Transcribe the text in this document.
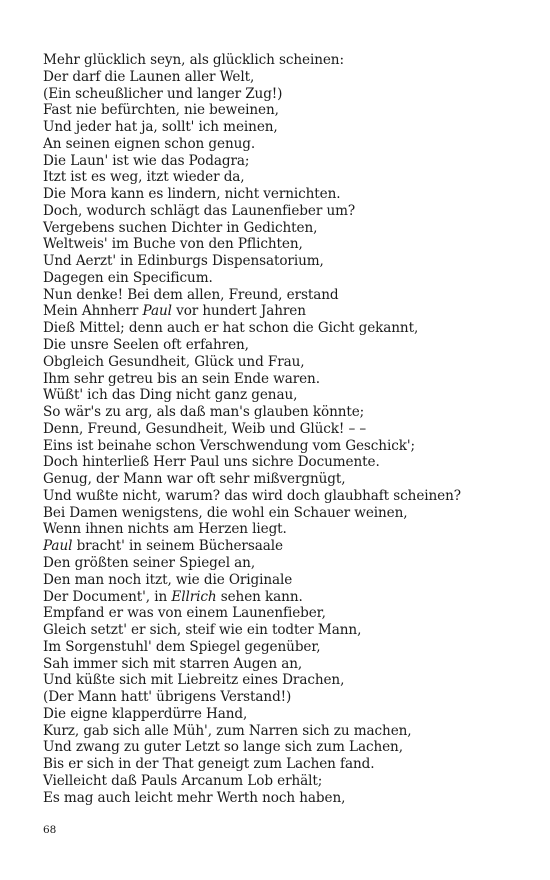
Mehr glücklich seyn, als glücklich scheinen:
Der darf die Launen aller Welt,
(Ein scheußlicher und langer Zug!)
Fast nie befürchten, nie beweinen,
Und jeder hat ja, sollt' ich meinen,
An seinen eignen schon genug.
Die Laun' ist wie das Podagra;
Itzt ist es weg, itzt wieder da,
Die Mora kann es lindern, nicht vernichten.
Doch, wodurch schlägt das Launenfieber um?
Vergebens suchen Dichter in Gedichten,
Weltweis' im Buche von den Pflichten,
Und Aerzt' in Edinburgs Dispensatorium,
Dagegen ein Specificum.
Nun denke! Bei dem allen, Freund, erstand
Mein Ahnherr Paul vor hundert Jahren
Dieß Mittel; denn auch er hat schon die Gicht gekannt,
Die unsre Seelen oft erfahren,
Obgleich Gesundheit, Glück und Frau,
Ihm sehr getreu bis an sein Ende waren.
Wüßt' ich das Ding nicht ganz genau,
So wär's zu arg, als daß man's glauben könnte;
Denn, Freund, Gesundheit, Weib und Glück! – –
Eins ist beinahe schon Verschwendung vom Geschick';
Doch hinterließ Herr Paul uns sichre Documente.
Genug, der Mann war oft sehr mißvergnügt,
Und wußte nicht, warum? das wird doch glaubhaft scheinen?
Bei Damen wenigstens, die wohl ein Schauer weinen,
Wenn ihnen nichts am Herzen liegt.
Paul bracht' in seinem Büchersaale
Den größten seiner Spiegel an,
Den man noch itzt, wie die Originale
Der Document', in Ellrich sehen kann.
Empfand er was von einem Launenfieber,
Gleich setzt' er sich, steif wie ein todter Mann,
Im Sorgenstuhl' dem Spiegel gegenüber,
Sah immer sich mit starren Augen an,
Und küßte sich mit Liebreitz eines Drachen,
(Der Mann hatt' übrigens Verstand!)
Die eigne klapperdürre Hand,
Kurz, gab sich alle Müh', zum Narren sich zu machen,
Und zwang zu guter Letzt so lange sich zum Lachen,
Bis er sich in der That geneigt zum Lachen fand.
Vielleicht daß Pauls Arcanum Lob erhält;
Es mag auch leicht mehr Werth noch haben,
68
